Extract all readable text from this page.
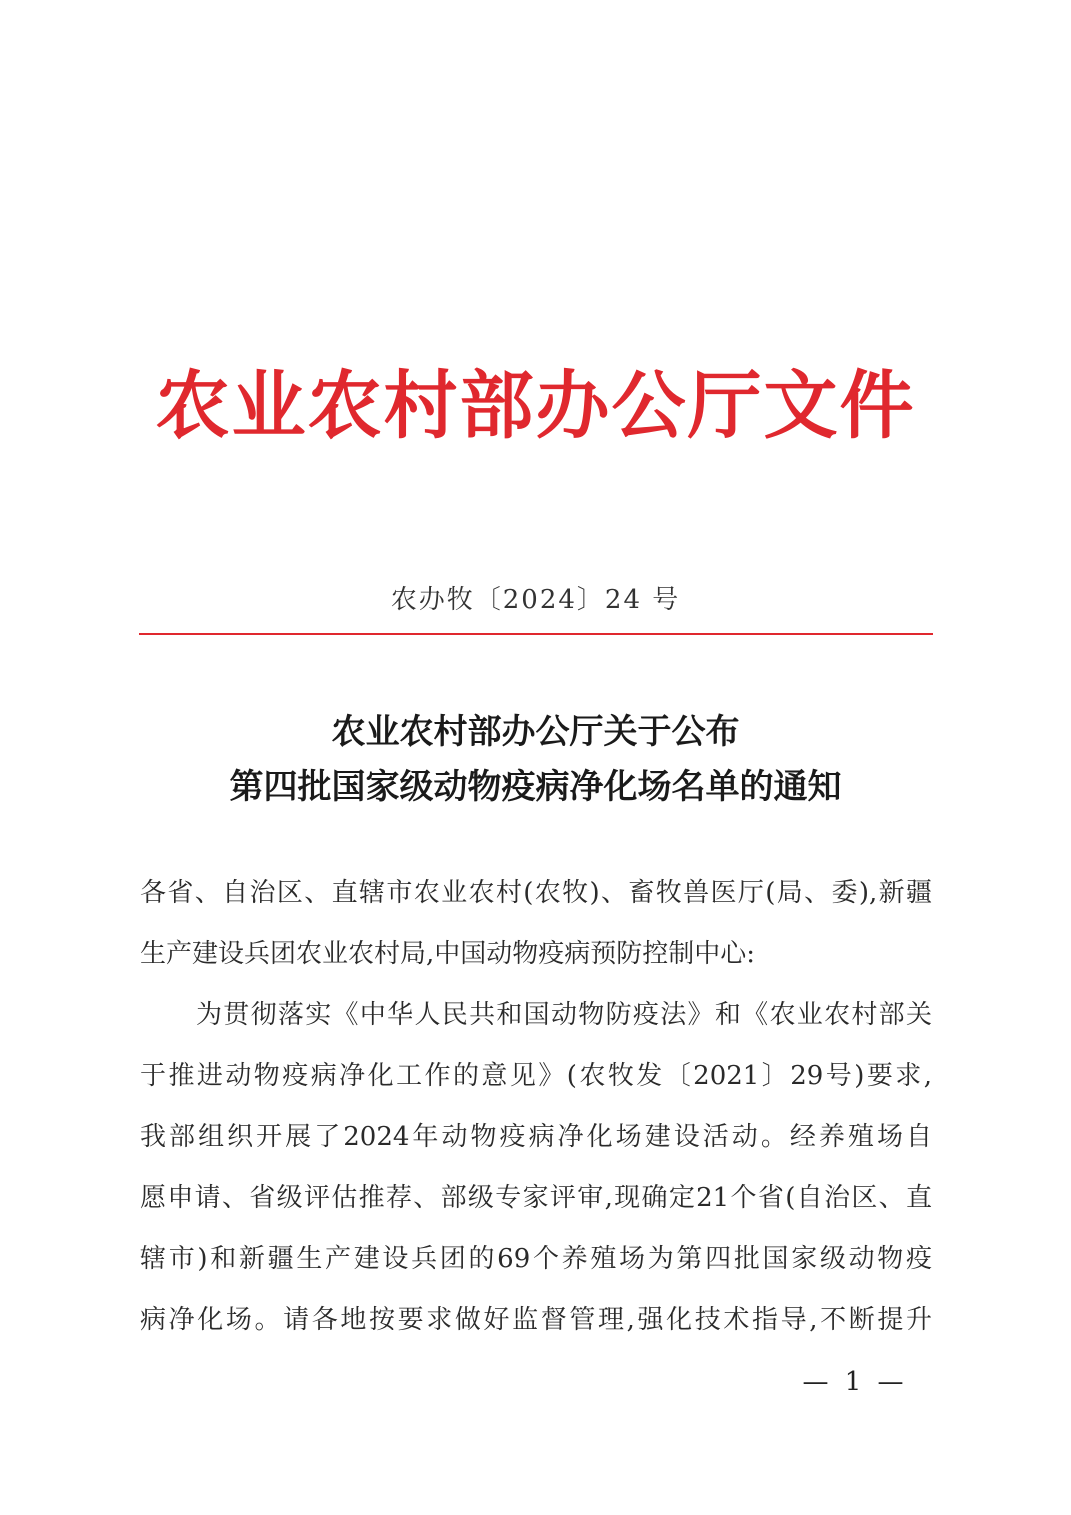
农业农村部办公厅文件
农办牧〔2024〕24 号
农业农村部办公厅关于公布
第四批国家级动物疫病净化场名单的通知
各省、自治区、直辖市农业农村(农牧)、畜牧兽医厅(局、委),新疆
生产建设兵团农业农村局,中国动物疫病预防控制中心:
为贯彻落实《中华人民共和国动物防疫法》和《农业农村部关
于推进动物疫病净化工作的意见》(农牧发〔2021〕29号)要求,
我部组织开展了2024年动物疫病净化场建设活动。经养殖场自
愿申请、省级评估推荐、部级专家评审,现确定21个省(自治区、直
辖市)和新疆生产建设兵团的69个养殖场为第四批国家级动物疫
病净化场。请各地按要求做好监督管理,强化技术指导,不断提升
— 1 —
